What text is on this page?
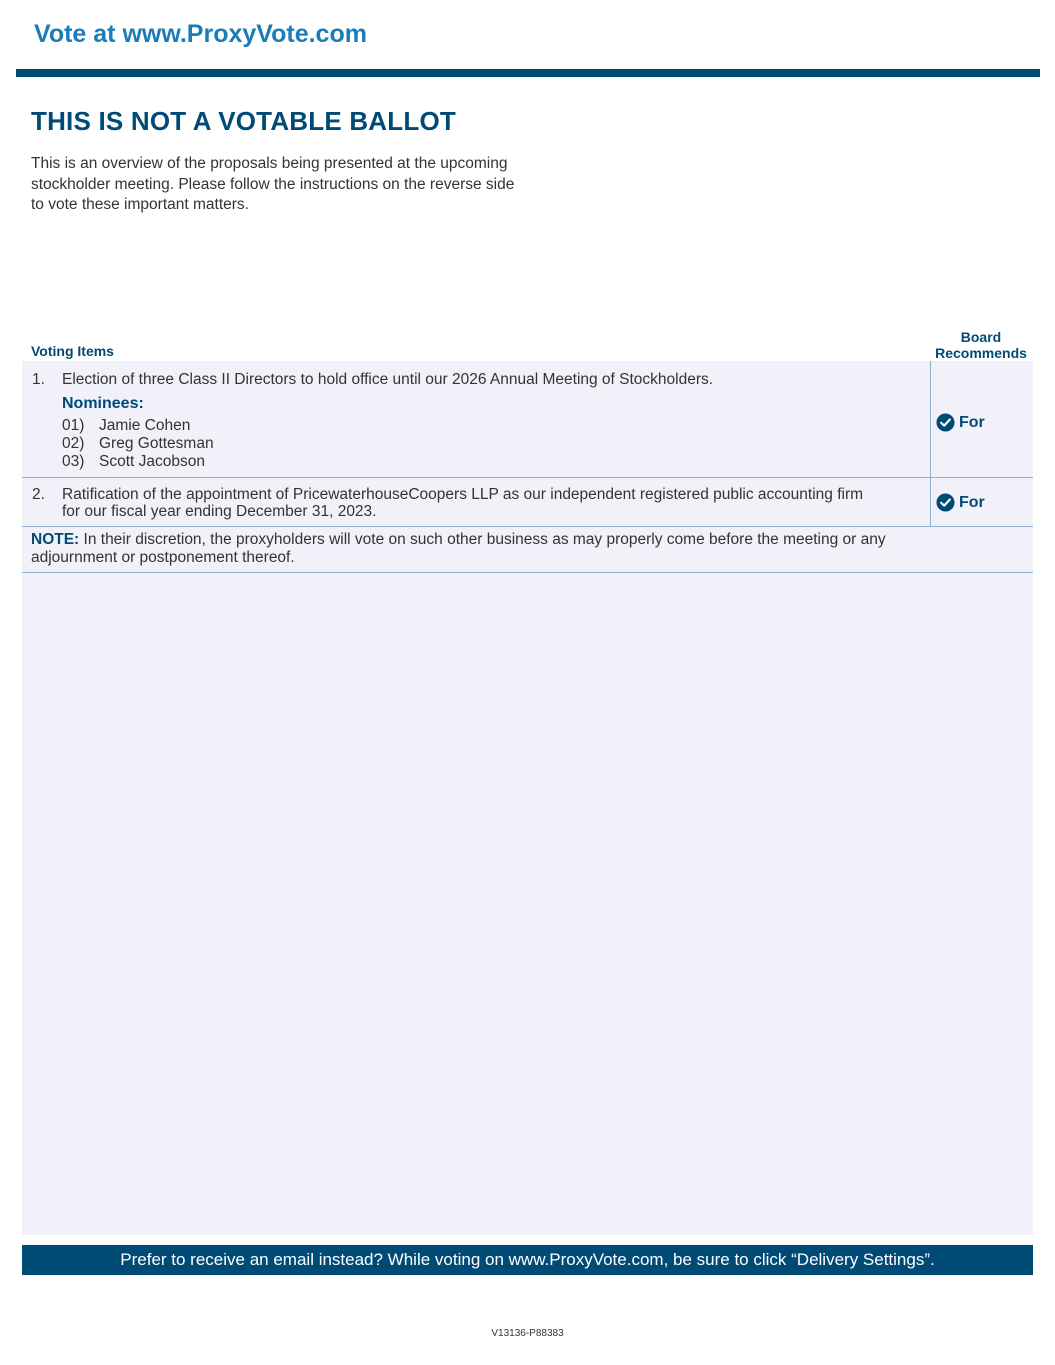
Vote at www.ProxyVote.com
THIS IS NOT A VOTABLE BALLOT
This is an overview of the proposals being presented at the upcoming stockholder meeting. Please follow the instructions on the reverse side to vote these important matters.
Voting Items
Board
Recommends
1. Election of three Class II Directors to hold office until our 2026 Annual Meeting of Stockholders.
Nominees:
01) Jamie Cohen
02) Greg Gottesman
03) Scott Jacobson
For
2. Ratification of the appointment of PricewaterhouseCoopers LLP as our independent registered public accounting firm
for our fiscal year ending December 31, 2023.
For
NOTE: In their discretion, the proxyholders will vote on such other business as may properly come before the meeting or any adjournment or postponement thereof.
Prefer to receive an email instead? While voting on www.ProxyVote.com, be sure to click “Delivery Settings”.
V13136-P88383
